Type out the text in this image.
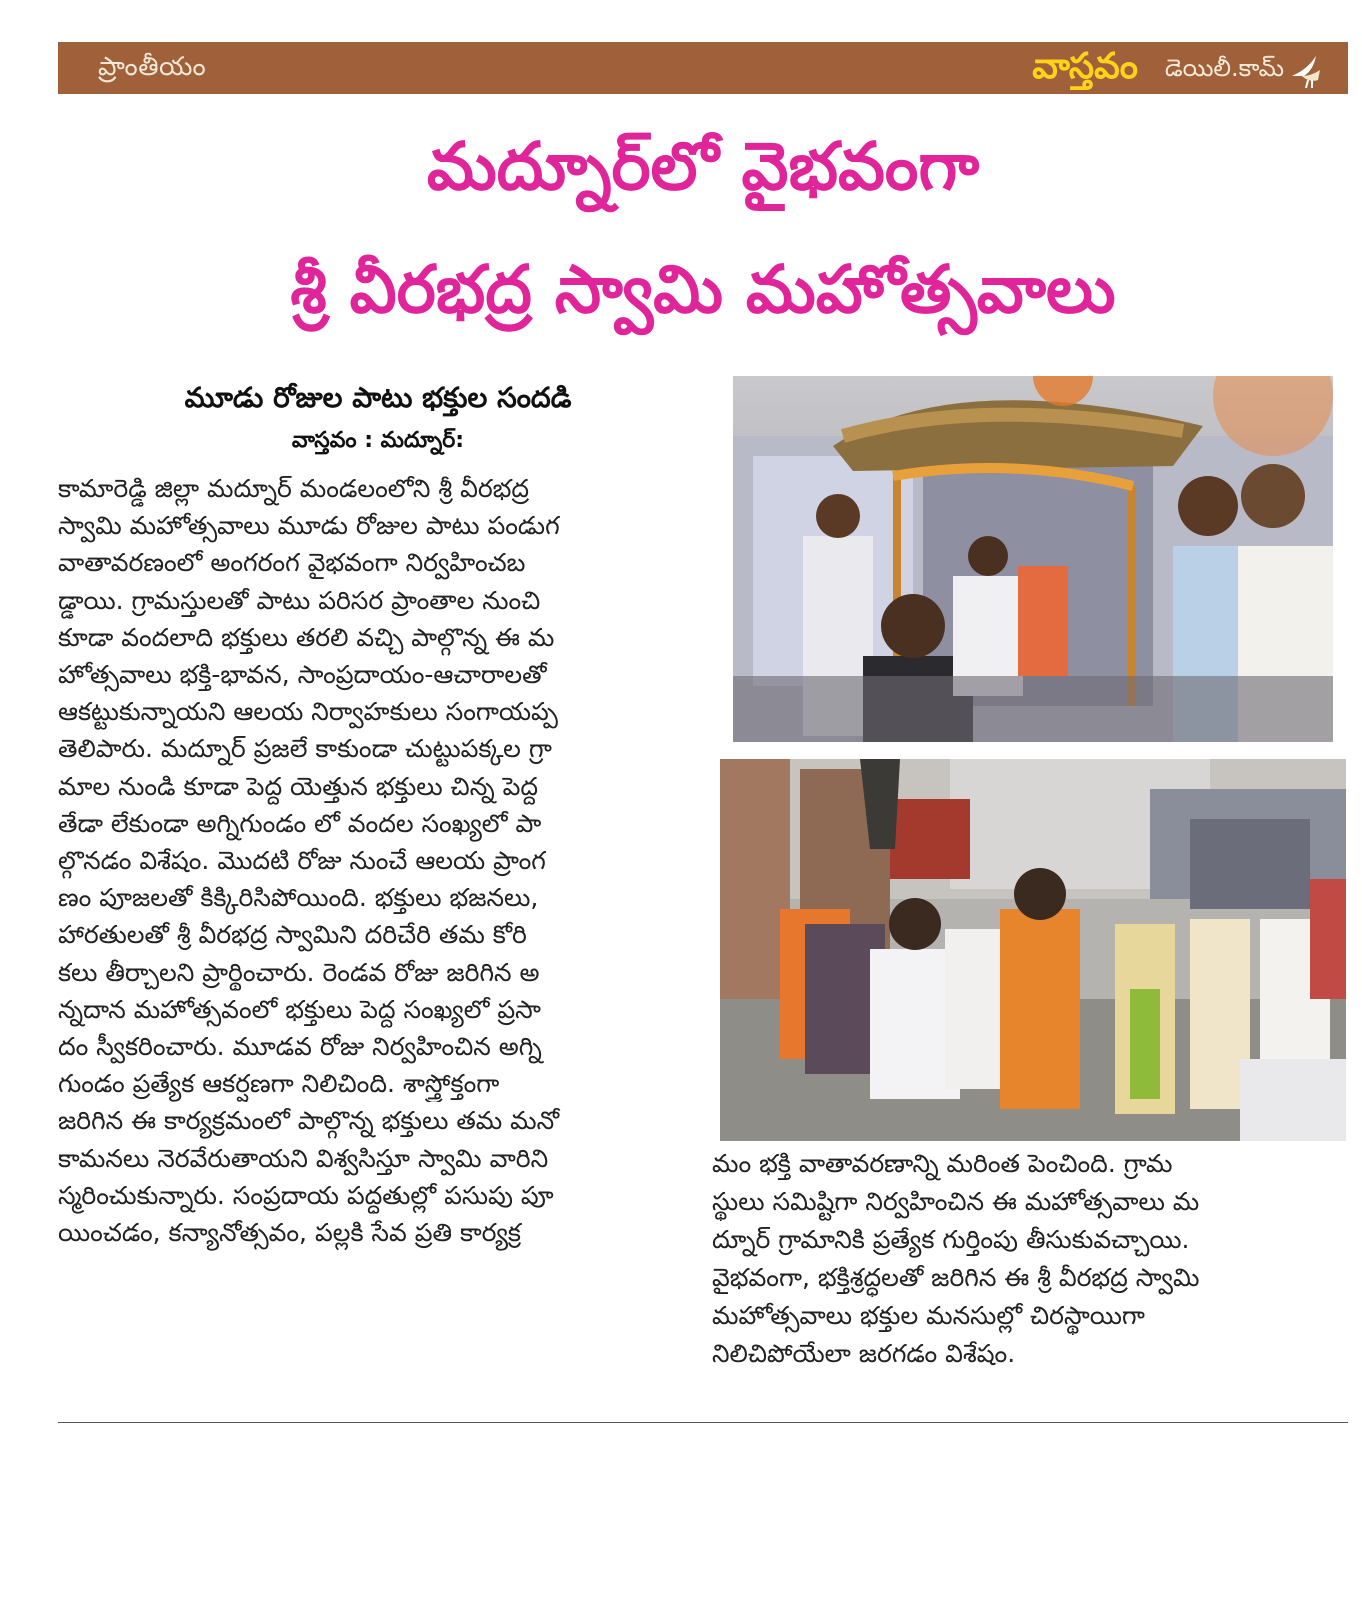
ప్రాంతీయం	వాస్తవం డెయిలీ.కామ్
మద్నూర్‌లో వైభవంగా
శ్రీ వీరభద్ర స్వామి మహోత్సవాలు
మూడు రోజుల పాటు భక్తుల సందడి
వాస్తవం : మద్నూర్:
కామారెడ్డి జిల్లా మద్నూర్ మండలంలోని శ్రీ వీరభద్ర
స్వామి మహోత్సవాలు మూడు రోజుల పాటు పండుగ
వాతావరణంలో అంగరంగ వైభవంగా నిర్వహించబ
డ్డాయి. గ్రామస్తులతో పాటు పరిసర ప్రాంతాల నుంచి
కూడా వందలాది భక్తులు తరలి వచ్చి పాల్గొన్న ఈ మ
హోత్సవాలు భక్తి-భావన, సాంప్రదాయం-ఆచారాలతో
ఆకట్టుకున్నాయని ఆలయ నిర్వాహకులు సంగాయప్ప
తెలిపారు. మద్నూర్ ప్రజలే కాకుండా చుట్టుపక్కల గ్రా
మాల నుండి కూడా పెద్ద యెత్తున భక్తులు చిన్న పెద్ద
తేడా లేకుండా అగ్నిగుండం లో వందల సంఖ్యలో పా
ల్గొనడం విశేషం. మొదటి రోజు నుంచే ఆలయ ప్రాంగ
ణం పూజలతో కిక్కిరిసిపోయింది. భక్తులు భజనలు,
హారతులతో శ్రీ వీరభద్ర స్వామిని దరిచేరి తమ కోరి
కలు తీర్చాలని ప్రార్థించారు. రెండవ రోజు జరిగిన అ
న్నదాన మహోత్సవంలో భక్తులు పెద్ద సంఖ్యలో ప్రసా
దం స్వీకరించారు. మూడవ రోజు నిర్వహించిన అగ్ని
గుండం ప్రత్యేక ఆకర్షణగా నిలిచింది. శాస్త్రోక్తంగా
జరిగిన ఈ కార్యక్రమంలో పాల్గొన్న భక్తులు తమ మనో
కామనలు నెరవేరుతాయని విశ్వసిస్తూ స్వామి వారిని
స్మరించుకున్నారు. సంప్రదాయ పద్ధతుల్లో పసుపు పూ
యించడం, కన్యానోత్సవం, పల్లకి సేవ ప్రతి కార్యక్ర
మం భక్తి వాతావరణాన్ని మరింత పెంచింది. గ్రామ
స్థులు సమిష్టిగా నిర్వహించిన ఈ మహోత్సవాలు మ
ద్నూర్ గ్రామానికి ప్రత్యేక గుర్తింపు తీసుకువచ్చాయి.
వైభవంగా, భక్తిశ్రద్ధలతో జరిగిన ఈ శ్రీ వీరభద్ర స్వామి
మహోత్సవాలు భక్తుల మనసుల్లో చిరస్థాయిగా
నిలిచిపోయేలా జరగడం విశేషం.
